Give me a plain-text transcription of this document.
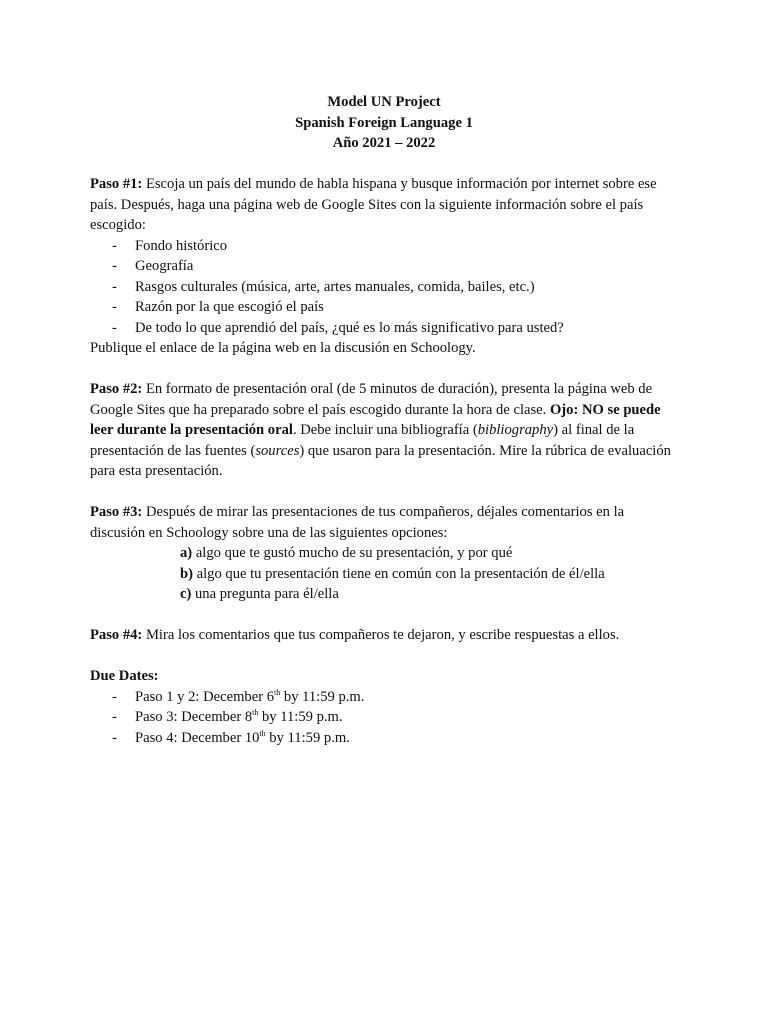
Model UN Project
Spanish Foreign Language 1
Año 2021 – 2022

Paso #1: Escoja un país del mundo de habla hispana y busque información por internet sobre ese país. Después, haga una página web de Google Sites con la siguiente información sobre el país escogido:

- Fondo histórico
- Geografía
- Rasgos culturales (música, arte, artes manuales, comida, bailes, etc.)
- Razón por la que escogió el país
- De todo lo que aprendió del país, ¿qué es lo más significativo para usted?

Publique el enlace de la página web en la discusión en Schoology.

Paso #2: En formato de presentación oral (de 5 minutos de duración), presenta la página web de Google Sites que ha preparado sobre el país escogido durante la hora de clase. Ojo: NO se puede leer durante la presentación oral. Debe incluir una bibliografía (bibliography) al final de la presentación de las fuentes (sources) que usaron para la presentación. Mire la rúbrica de evaluación para esta presentación.

Paso #3: Después de mirar las presentaciones de tus compañeros, déjales comentarios en la discusión en Schoology sobre una de las siguientes opciones:

a) algo que te gustó mucho de su presentación, y por qué
b) algo que tu presentación tiene en común con la presentación de él/ella
c) una pregunta para él/ella

Paso #4: Mira los comentarios que tus compañeros te dejaron, y escribe respuestas a ellos.

Due Dates:

- Paso 1 y 2: December 6th by 11:59 p.m.
- Paso 3: December 8th by 11:59 p.m.
- Paso 4: December 10th by 11:59 p.m.
